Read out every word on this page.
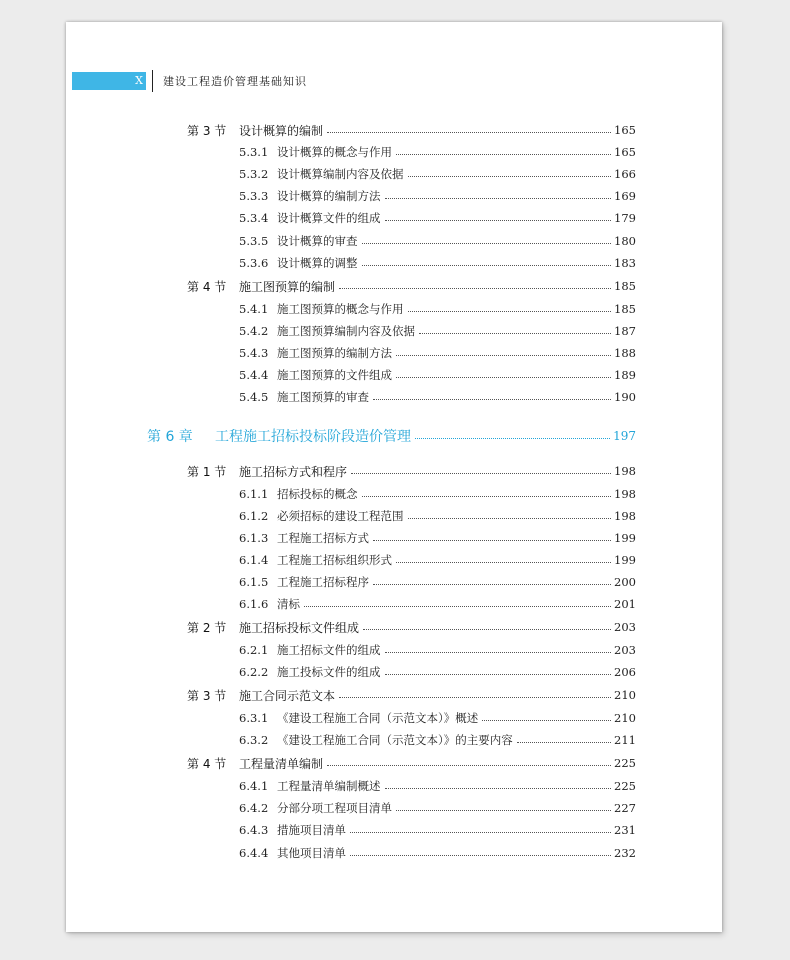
X	建设工程造价管理基础知识
第 3 节	设计概算的编制	165
5.3.1 设计概算的概念与作用	165
5.3.2 设计概算编制内容及依据	166
5.3.3 设计概算的编制方法	169
5.3.4 设计概算文件的组成	179
5.3.5 设计概算的审查	180
5.3.6 设计概算的调整	183
第 4 节	施工图预算的编制	185
5.4.1 施工图预算的概念与作用	185
5.4.2 施工图预算编制内容及依据	187
5.4.3 施工图预算的编制方法	188
5.4.4 施工图预算的文件组成	189
5.4.5 施工图预算的审查	190
第 6 章	工程施工招标投标阶段造价管理	197
第 1 节	施工招标方式和程序	198
6.1.1 招标投标的概念	198
6.1.2 必须招标的建设工程范围	198
6.1.3 工程施工招标方式	199
6.1.4 工程施工招标组织形式	199
6.1.5 工程施工招标程序	200
6.1.6 清标	201
第 2 节	施工招标投标文件组成	203
6.2.1 施工招标文件的组成	203
6.2.2 施工投标文件的组成	206
第 3 节	施工合同示范文本	210
6.3.1 《建设工程施工合同（示范文本）》概述	210
6.3.2 《建设工程施工合同（示范文本）》的主要内容	211
第 4 节	工程量清单编制	225
6.4.1 工程量清单编制概述	225
6.4.2 分部分项工程项目清单	227
6.4.3 措施项目清单	231
6.4.4 其他项目清单	232
